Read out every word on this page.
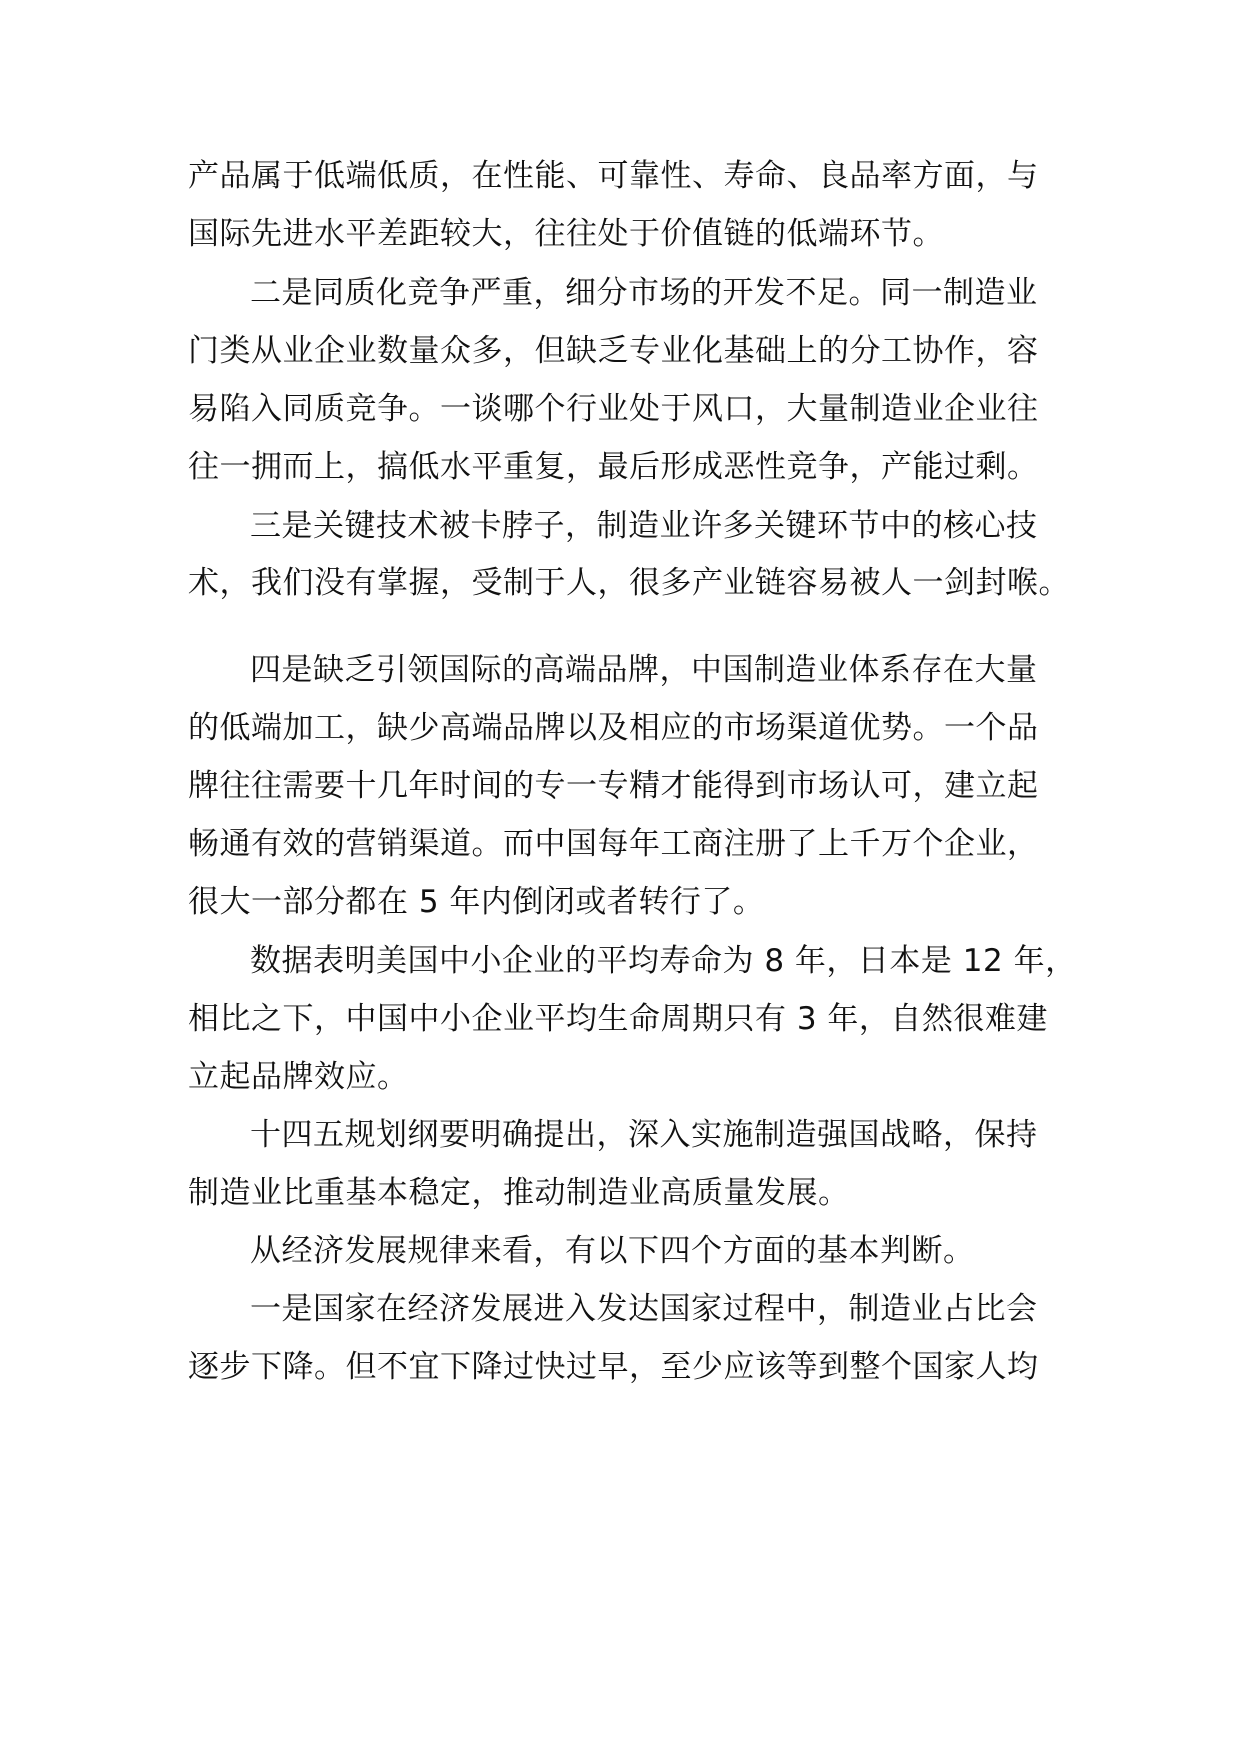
产品属于低端低质，在性能、可靠性、寿命、良品率方面，与
国际先进水平差距较大，往往处于价值链的低端环节。
二是同质化竞争严重，细分市场的开发不足。同一制造业
门类从业企业数量众多，但缺乏专业化基础上的分工协作，容
易陷入同质竞争。一谈哪个行业处于风口，大量制造业企业往
往一拥而上，搞低水平重复，最后形成恶性竞争，产能过剩。
三是关键技术被卡脖子，制造业许多关键环节中的核心技
术，我们没有掌握，受制于人，很多产业链容易被人一剑封喉。
四是缺乏引领国际的高端品牌，中国制造业体系存在大量
的低端加工，缺少高端品牌以及相应的市场渠道优势。一个品
牌往往需要十几年时间的专一专精才能得到市场认可，建立起
畅通有效的营销渠道。而中国每年工商注册了上千万个企业，
很大一部分都在 5 年内倒闭或者转行了。
数据表明美国中小企业的平均寿命为 8 年，日本是 12 年，
相比之下，中国中小企业平均生命周期只有 3 年，自然很难建
立起品牌效应。
十四五规划纲要明确提出，深入实施制造强国战略，保持
制造业比重基本稳定，推动制造业高质量发展。
从经济发展规律来看，有以下四个方面的基本判断。
一是国家在经济发展进入发达国家过程中，制造业占比会
逐步下降。但不宜下降过快过早，至少应该等到整个国家人均
